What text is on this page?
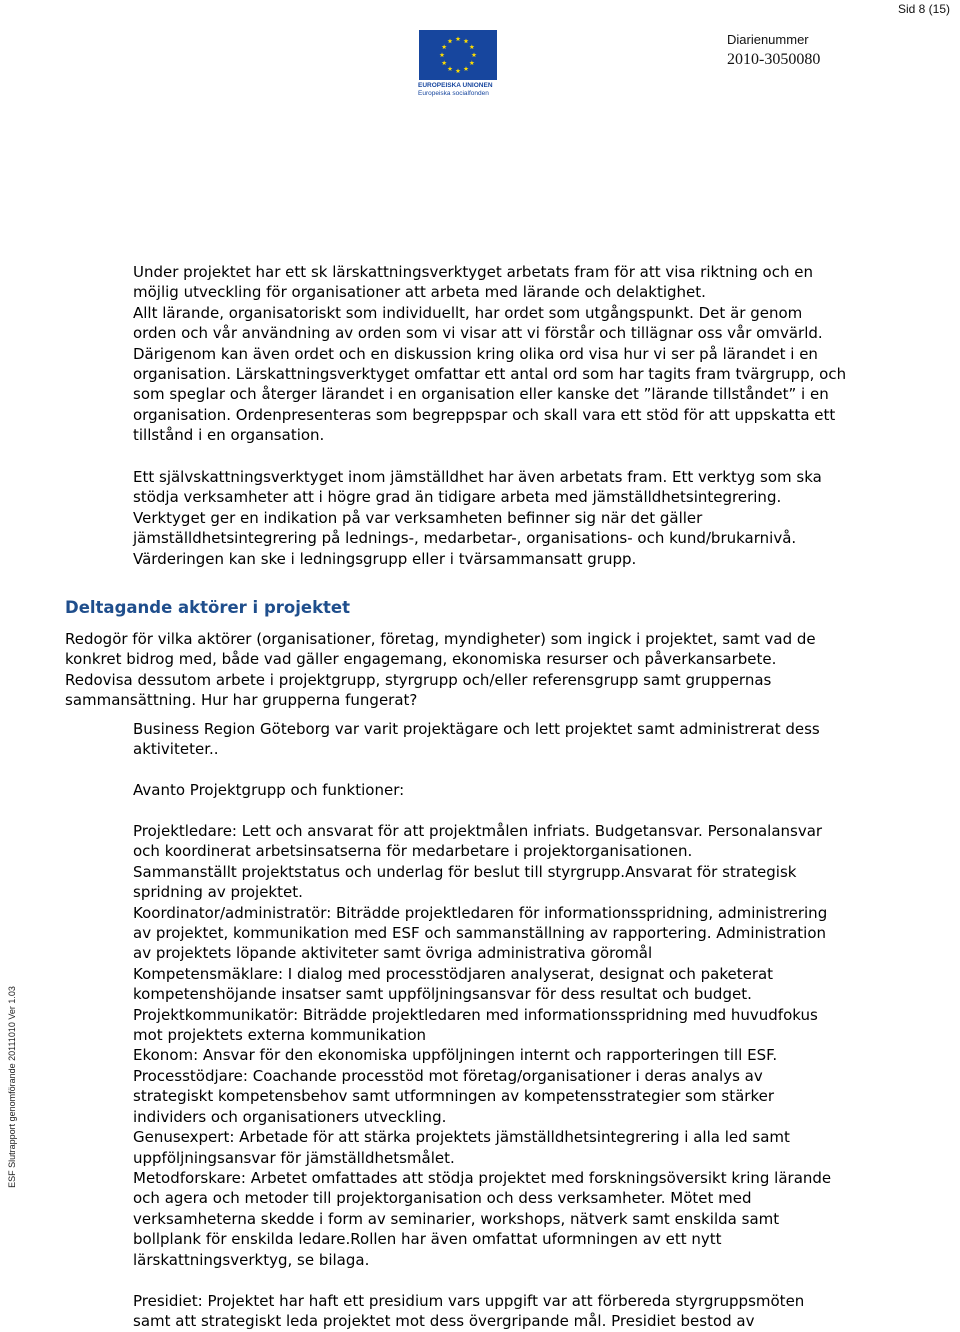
Sid 8 (15)
EUROPEISKA UNIONEN
Europeiska socialfonden
Diarienummer
2010-3050080
ESF Slutrapport genomförande 20111010 Ver 1.03
Under projektet har ett sk lärskattningsverktyget arbetats fram för att visa riktning och en
möjlig utveckling för organisationer att arbeta med lärande och delaktighet.
Allt lärande, organisatoriskt som individuellt, har ordet som utgångspunkt. Det är genom
orden och vår användning av orden som vi visar att vi förstår och tillägnar oss vår omvärld.
Därigenom kan även ordet och en diskussion kring olika ord visa hur vi ser på lärandet i en
organisation. Lärskattningsverktyget omfattar ett antal ord som har tagits fram tvärgrupp, och
som speglar och återger lärandet i en organisation eller kanske det ”lärande tillståndet” i en
organisation. Ordenpresenteras som begreppspar och skall vara ett stöd för att uppskatta ett
tillstånd i en organsation.
Ett självskattningsverktyget inom jämställdhet har även arbetats fram. Ett verktyg som ska
stödja verksamheter att i högre grad än tidigare arbeta med jämställdhetsintegrering.
Verktyget ger en indikation på var verksamheten befinner sig när det gäller
jämställdhetsintegrering på lednings-, medarbetar-, organisations- och kund/brukarnivå.
Värderingen kan ske i ledningsgrupp eller i tvärsammansatt grupp.
Deltagande aktörer i projektet
Redogör för vilka aktörer (organisationer, företag, myndigheter) som ingick i projektet, samt vad de
konkret bidrog med, både vad gäller engagemang, ekonomiska resurser och påverkansarbete.
Redovisa dessutom arbete i projektgrupp, styrgrupp och/eller referensgrupp samt gruppernas
sammansättning. Hur har grupperna fungerat?
Business Region Göteborg var varit projektägare och lett projektet samt administrerat dess
aktiviteter..
Avanto Projektgrupp och funktioner:
Projektledare: Lett och ansvarat för att projektmålen infriats. Budgetansvar. Personalansvar
och koordinerat arbetsinsatserna för medarbetare i projektorganisationen.
Sammanställt projektstatus och underlag för beslut till styrgrupp.Ansvarat för strategisk
spridning av projektet.
Koordinator/administratör: Biträdde projektledaren för informationsspridning, administrering
av projektet, kommunikation med ESF och sammanställning av rapportering. Administration
av projektets löpande aktiviteter samt övriga administrativa göromål
Kompetensmäklare: I dialog med processtödjaren analyserat, designat och paketerat
kompetenshöjande insatser samt uppföljningsansvar för dess resultat och budget.
Projektkommunikatör: Biträdde projektledaren med informationsspridning med huvudfokus
mot projektets externa kommunikation
Ekonom: Ansvar för den ekonomiska uppföljningen internt och rapporteringen till ESF.
Processtödjare: Coachande processtöd mot företag/organisationer i deras analys av
strategiskt kompetensbehov samt utformningen av kompetensstrategier som stärker
individers och organisationers utveckling.
Genusexpert: Arbetade för att stärka projektets jämställdhetsintegrering i alla led samt
uppföljningsansvar för jämställdhetsmålet.
Metodforskare: Arbetet omfattades att stödja projektet med forskningsöversikt kring lärande
och agera och metoder till projektorganisation och dess verksamheter. Mötet med
verksamheterna skedde i form av seminarier, workshops, nätverk samt enskilda samt
bollplank för enskilda ledare.Rollen har även omfattat uformningen av ett nytt
lärskattningsverktyg, se bilaga.
Presidiet: Projektet har haft ett presidium vars uppgift var att förbereda styrgruppsmöten
samt att strategiskt leda projektet mot dess övergripande mål. Presidiet bestod av
